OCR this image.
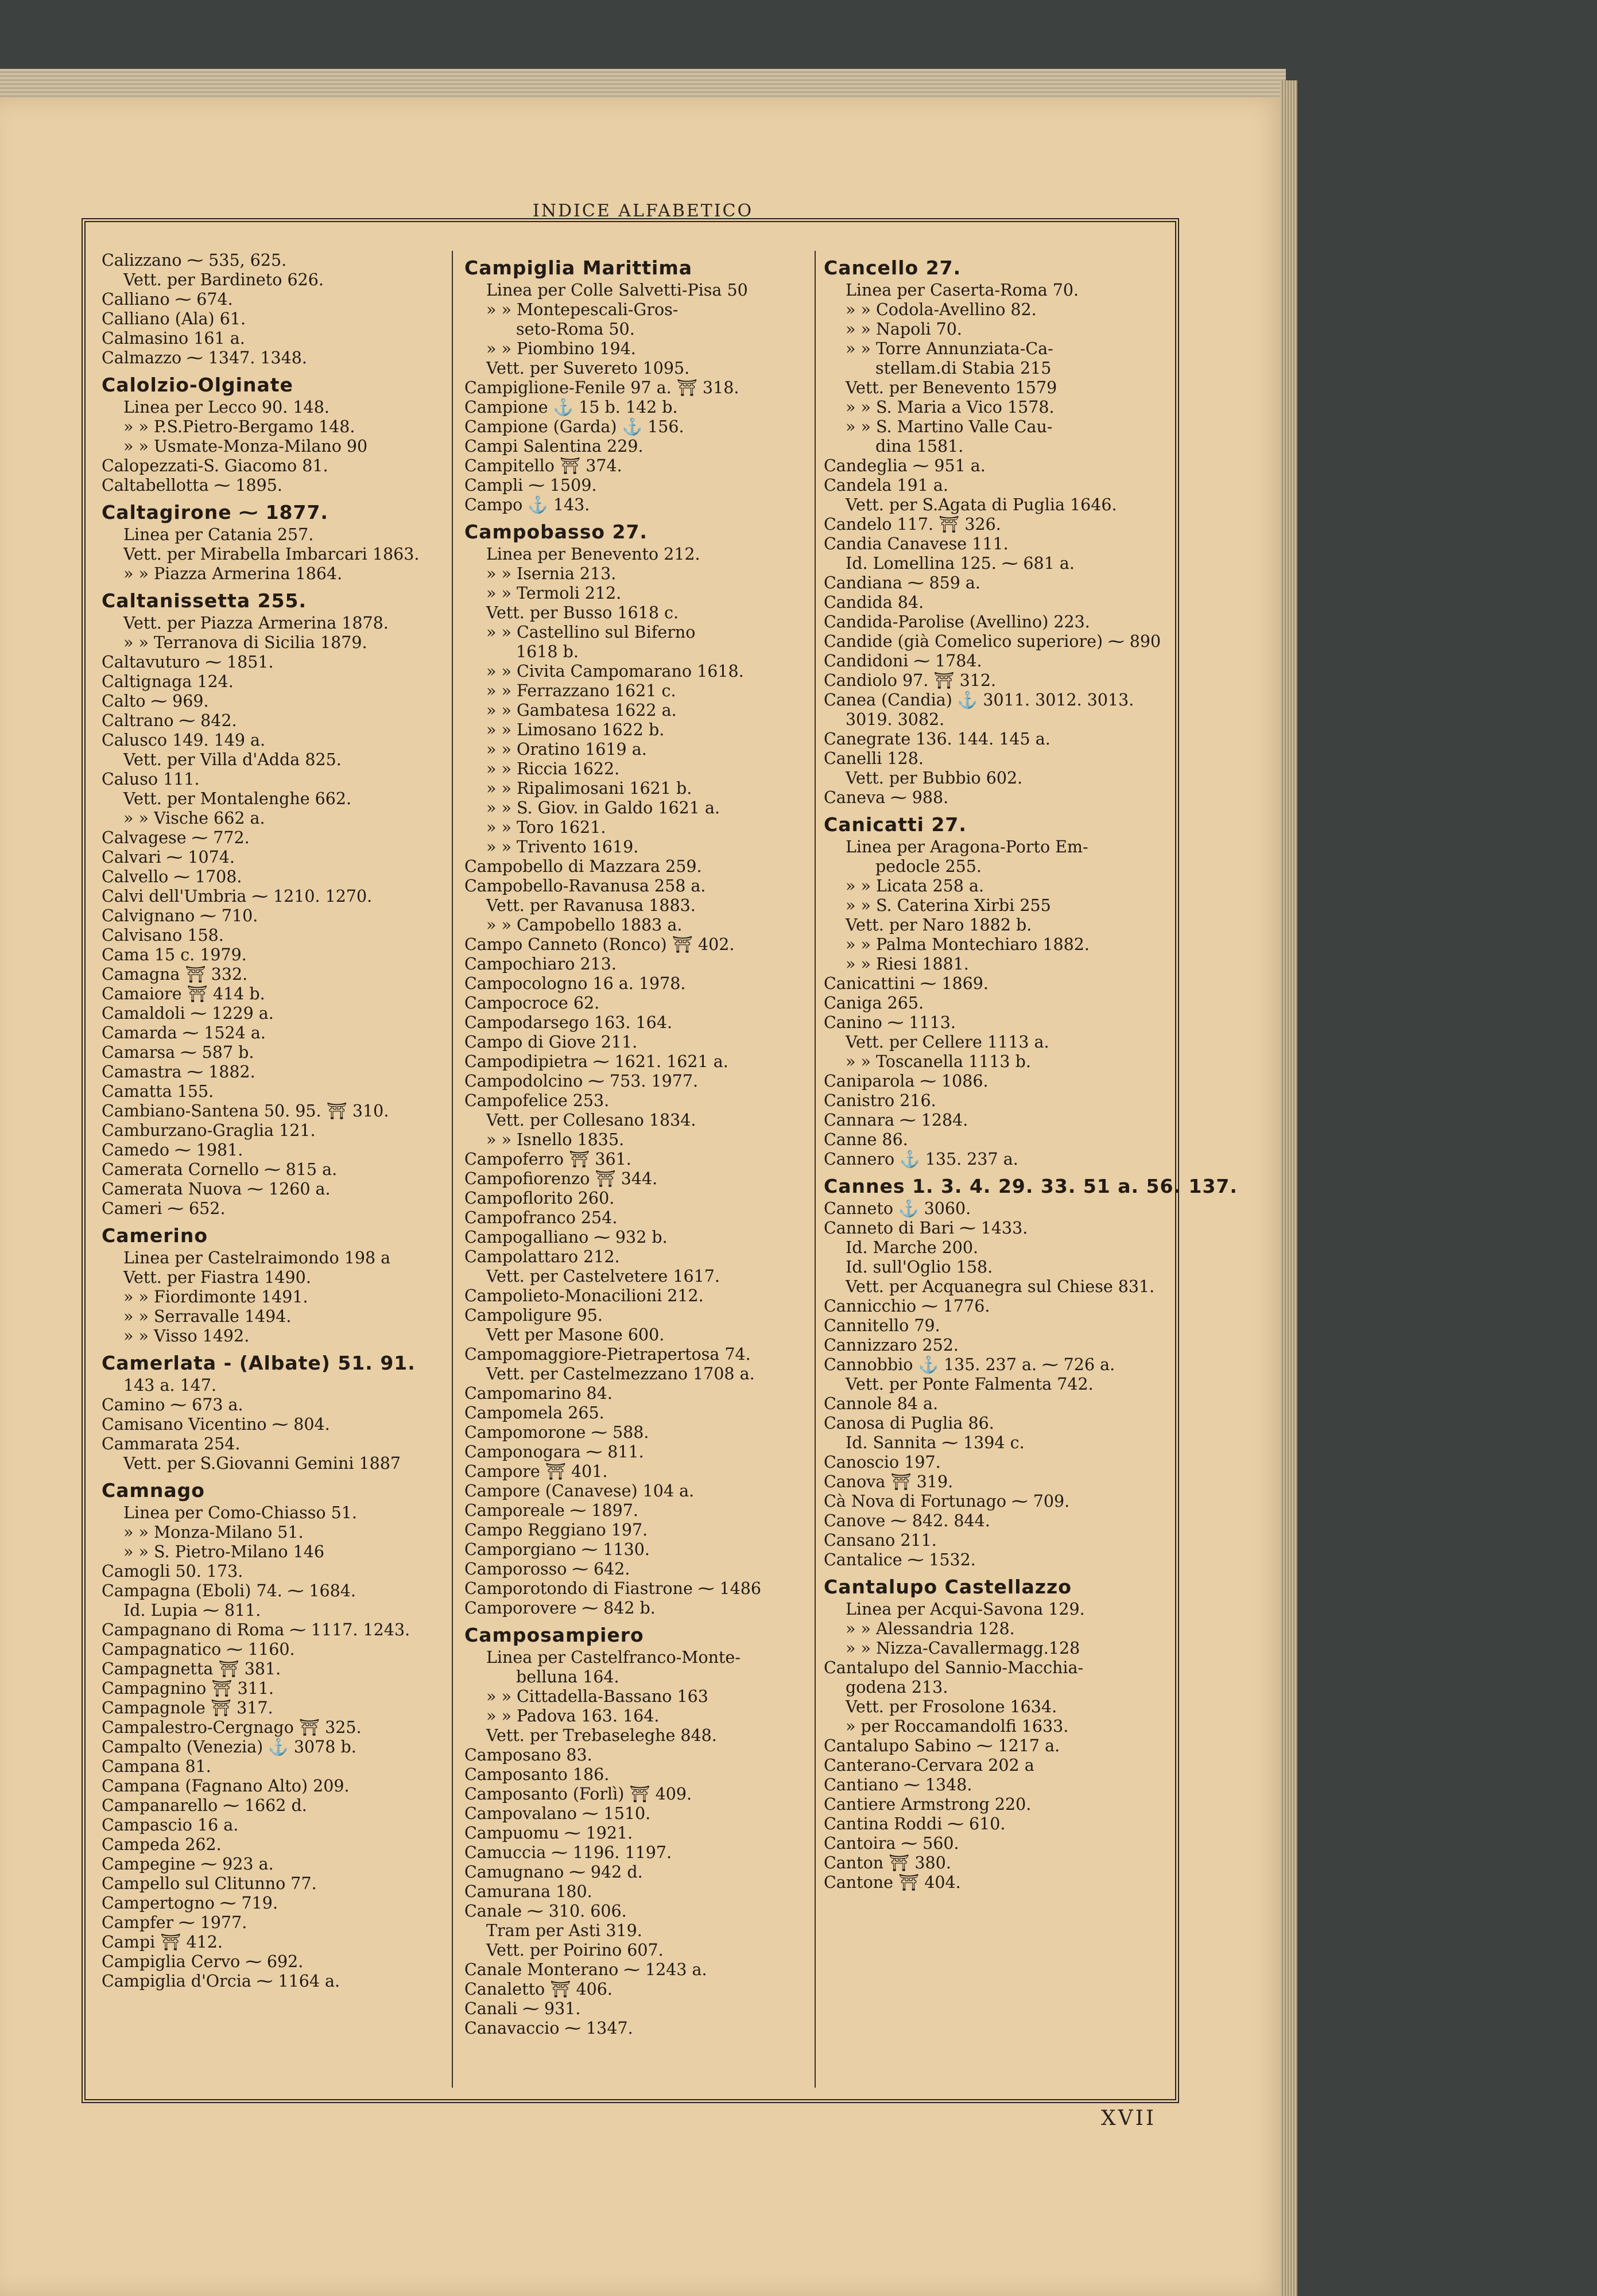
INDICE ALFABETICO
Calizzano ⁓ 535, 625.
Vett. per Bardineto 626.
Calliano ⁓ 674.
Calliano (Ala) 61.
Calmasino 161 a.
Calmazzo ⁓ 1347. 1348.
Calolzio-Olginate
Linea per Lecco 90. 148.
» » P.S.Pietro-Bergamo 148.
» » Usmate-Monza-Milano 90
Calopezzati-S. Giacomo 81.
Caltabellotta ⁓ 1895.
Caltagirone ⁓ 1877.
Linea per Catania 257.
Vett. per Mirabella Imbarcari 1863.
» » Piazza Armerina 1864.
Caltanissetta 255.
Vett. per Piazza Armerina 1878.
» » Terranova di Sicilia 1879.
Caltavuturo ⁓ 1851.
Caltignaga 124.
Calto ⁓ 969.
Caltrano ⁓ 842.
Calusco 149. 149 a.
Vett. per Villa d'Adda 825.
Caluso 111.
Vett. per Montalenghe 662.
» » Vische 662 a.
Calvagese ⁓ 772.
Calvari ⁓ 1074.
Calvello ⁓ 1708.
Calvi dell'Umbria ⁓ 1210. 1270.
Calvignano ⁓ 710.
Calvisano 158.
Cama 15 c. 1979.
Camagna ⛩ 332.
Camaiore ⛩ 414 b.
Camaldoli ⁓ 1229 a.
Camarda ⁓ 1524 a.
Camarsa ⁓ 587 b.
Camastra ⁓ 1882.
Camatta 155.
Cambiano-Santena 50. 95. ⛩ 310.
Camburzano-Graglia 121.
Camedo ⁓ 1981.
Camerata Cornello ⁓ 815 a.
Camerata Nuova ⁓ 1260 a.
Cameri ⁓ 652.
Camerino
Linea per Castelraimondo 198 a
Vett. per Fiastra 1490.
» » Fiordimonte 1491.
» » Serravalle 1494.
» » Visso 1492.
Camerlata - (Albate) 51. 91.
143 a. 147.
Camino ⁓ 673 a.
Camisano Vicentino ⁓ 804.
Cammarata 254.
Vett. per S.Giovanni Gemini 1887
Camnago
Linea per Como-Chiasso 51.
» » Monza-Milano 51.
» » S. Pietro-Milano 146
Camogli 50. 173.
Campagna (Eboli) 74. ⁓ 1684.
Id. Lupia ⁓ 811.
Campagnano di Roma ⁓ 1117. 1243.
Campagnatico ⁓ 1160.
Campagnetta ⛩ 381.
Campagnino ⛩ 311.
Campagnole ⛩ 317.
Campalestro-Cergnago ⛩ 325.
Campalto (Venezia) ⚓ 3078 b.
Campana 81.
Campana (Fagnano Alto) 209.
Campanarello ⁓ 1662 d.
Campascio 16 a.
Campeda 262.
Campegine ⁓ 923 a.
Campello sul Clitunno 77.
Campertogno ⁓ 719.
Campfer ⁓ 1977.
Campi ⛩ 412.
Campiglia Cervo ⁓ 692.
Campiglia d'Orcia ⁓ 1164 a.
Campiglia Marittima
Linea per Colle Salvetti-Pisa 50
» » Montepescali-Gros-
seto-Roma 50.
» » Piombino 194.
Vett. per Suvereto 1095.
Campiglione-Fenile 97 a. ⛩ 318.
Campione ⚓ 15 b. 142 b.
Campione (Garda) ⚓ 156.
Campi Salentina 229.
Campitello ⛩ 374.
Campli ⁓ 1509.
Campo ⚓ 143.
Campobasso 27.
Linea per Benevento 212.
» » Isernia 213.
» » Termoli 212.
Vett. per Busso 1618 c.
» » Castellino sul Biferno
1618 b.
» » Civita Campomarano 1618.
» » Ferrazzano 1621 c.
» » Gambatesa 1622 a.
» » Limosano 1622 b.
» » Oratino 1619 a.
» » Riccia 1622.
» » Ripalimosani 1621 b.
» » S. Giov. in Galdo 1621 a.
» » Toro 1621.
» » Trivento 1619.
Campobello di Mazzara 259.
Campobello-Ravanusa 258 a.
Vett. per Ravanusa 1883.
» » Campobello 1883 a.
Campo Canneto (Ronco) ⛩ 402.
Campochiaro 213.
Campocologno 16 a. 1978.
Campocroce 62.
Campodarsego 163. 164.
Campo di Giove 211.
Campodipietra ⁓ 1621. 1621 a.
Campodolcino ⁓ 753. 1977.
Campofelice 253.
Vett. per Collesano 1834.
» » Isnello 1835.
Campoferro ⛩ 361.
Campofiorenzo ⛩ 344.
Campoflorito 260.
Campofranco 254.
Campogalliano ⁓ 932 b.
Campolattaro 212.
Vett. per Castelvetere 1617.
Campolieto-Monacilioni 212.
Campoligure 95.
Vett per Masone 600.
Campomaggiore-Pietrapertosa 74.
Vett. per Castelmezzano 1708 a.
Campomarino 84.
Campomela 265.
Campomorone ⁓ 588.
Camponogara ⁓ 811.
Campore ⛩ 401.
Campore (Canavese) 104 a.
Camporeale ⁓ 1897.
Campo Reggiano 197.
Camporgiano ⁓ 1130.
Camporosso ⁓ 642.
Camporotondo di Fiastrone ⁓ 1486
Camporovere ⁓ 842 b.
Camposampiero
Linea per Castelfranco-Monte-
belluna 164.
» » Cittadella-Bassano 163
» » Padova 163. 164.
Vett. per Trebaseleghe 848.
Camposano 83.
Camposanto 186.
Camposanto (Forlì) ⛩ 409.
Campovalano ⁓ 1510.
Campuomu ⁓ 1921.
Camuccia ⁓ 1196. 1197.
Camugnano ⁓ 942 d.
Camurana 180.
Canale ⁓ 310. 606.
Tram per Asti 319.
Vett. per Poirino 607.
Canale Monterano ⁓ 1243 a.
Canaletto ⛩ 406.
Canali ⁓ 931.
Canavaccio ⁓ 1347.
Cancello 27.
Linea per Caserta-Roma 70.
» » Codola-Avellino 82.
» » Napoli 70.
» » Torre Annunziata-Ca-
stellam.di Stabia 215
Vett. per Benevento 1579
» » S. Maria a Vico 1578.
» » S. Martino Valle Cau-
dina 1581.
Candeglia ⁓ 951 a.
Candela 191 a.
Vett. per S.Agata di Puglia 1646.
Candelo 117. ⛩ 326.
Candia Canavese 111.
Id. Lomellina 125. ⁓ 681 a.
Candiana ⁓ 859 a.
Candida 84.
Candida-Parolise (Avellino) 223.
Candide (già Comelico superiore) ⁓ 890
Candidoni ⁓ 1784.
Candiolo 97. ⛩ 312.
Canea (Candia) ⚓ 3011. 3012. 3013.
3019. 3082.
Canegrate 136. 144. 145 a.
Canelli 128.
Vett. per Bubbio 602.
Caneva ⁓ 988.
Canicatti 27.
Linea per Aragona-Porto Em-
pedocle 255.
» » Licata 258 a.
» » S. Caterina Xirbi 255
Vett. per Naro 1882 b.
» » Palma Montechiaro 1882.
» » Riesi 1881.
Canicattini ⁓ 1869.
Caniga 265.
Canino ⁓ 1113.
Vett. per Cellere 1113 a.
» » Toscanella 1113 b.
Caniparola ⁓ 1086.
Canistro 216.
Cannara ⁓ 1284.
Canne 86.
Cannero ⚓ 135. 237 a.
Cannes 1. 3. 4. 29. 33. 51 a. 56. 137.
Canneto ⚓ 3060.
Canneto di Bari ⁓ 1433.
Id. Marche 200.
Id. sull'Oglio 158.
Vett. per Acquanegra sul Chiese 831.
Cannicchio ⁓ 1776.
Cannitello 79.
Cannizzaro 252.
Cannobbio ⚓ 135. 237 a. ⁓ 726 a.
Vett. per Ponte Falmenta 742.
Cannole 84 a.
Canosa di Puglia 86.
Id. Sannita ⁓ 1394 c.
Canoscio 197.
Canova ⛩ 319.
Cà Nova di Fortunago ⁓ 709.
Canove ⁓ 842. 844.
Cansano 211.
Cantalice ⁓ 1532.
Cantalupo Castellazzo
Linea per Acqui-Savona 129.
» » Alessandria 128.
» » Nizza-Cavallermagg.128
Cantalupo del Sannio-Macchia-
godena 213.
Vett. per Frosolone 1634.
» per Roccamandolfi 1633.
Cantalupo Sabino ⁓ 1217 a.
Canterano-Cervara 202 a
Cantiano ⁓ 1348.
Cantiere Armstrong 220.
Cantina Roddi ⁓ 610.
Cantoira ⁓ 560.
Canton ⛩ 380.
Cantone ⛩ 404.
XVII
